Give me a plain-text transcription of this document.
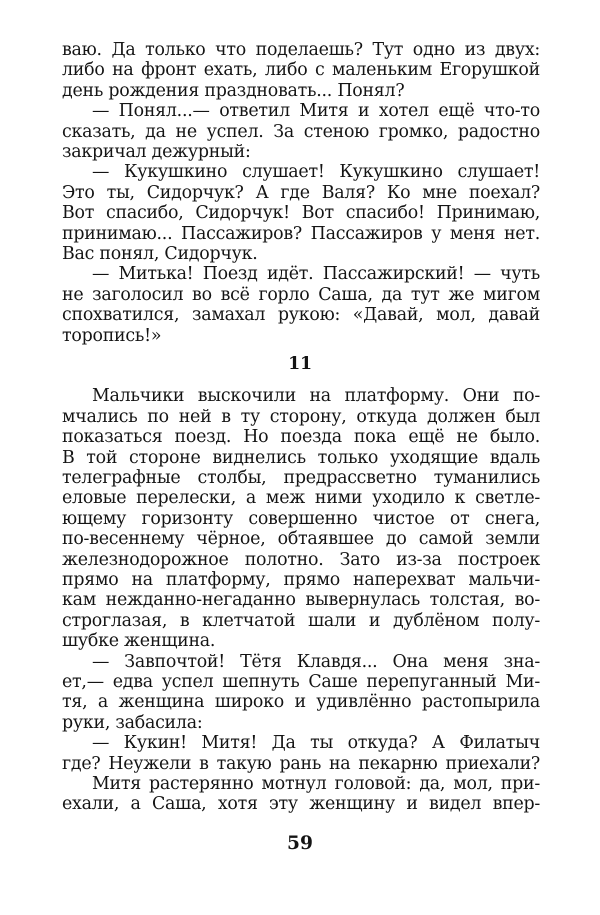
ваю. Да только что поделаешь? Тут одно из двух:
либо на фронт ехать, либо с маленьким Егорушкой
день рождения праздновать... Понял?
— Понял...— ответил Митя и хотел ещё что-то
сказать, да не успел. За стеною громко, радостно
закричал дежурный:
— Кукушкино слушает! Кукушкино слушает!
Это ты, Сидорчук? А где Валя? Ко мне поехал?
Вот спасибо, Сидорчук! Вот спасибо! Принимаю,
принимаю... Пассажиров? Пассажиров у меня нет.
Вас понял, Сидорчук.
— Митька! Поезд идёт. Пассажирский! — чуть
не заголосил во всё горло Саша, да тут же мигом
спохватился, замахал рукою: «Давай, мол, давай
торопись!»
11
Мальчики выскочили на платформу. Они по-
мчались по ней в ту сторону, откуда должен был
показаться поезд. Но поезда пока ещё не было.
В той стороне виднелись только уходящие вдаль
телеграфные столбы, предрассветно туманились
еловые перелески, а меж ними уходило к светле-
ющему горизонту совершенно чистое от снега,
по-весеннему чёрное, обтаявшее до самой земли
железнодорожное полотно. Зато из-за построек
прямо на платформу, прямо наперехват мальчи-
кам нежданно-негаданно вывернулась толстая, во-
строглазая, в клетчатой шали и дублёном полу-
шубке женщина.
— Завпочтой! Тётя Клавдя... Она меня зна-
ет,— едва успел шепнуть Саше перепуганный Ми-
тя, а женщина широко и удивлённо растопырила
руки, забасила:
— Кукин! Митя! Да ты откуда? А Филатыч
где? Неужели в такую рань на пекарню приехали?
Митя растерянно мотнул головой: да, мол, при-
ехали, а Саша, хотя эту женщину и видел впер-
59
